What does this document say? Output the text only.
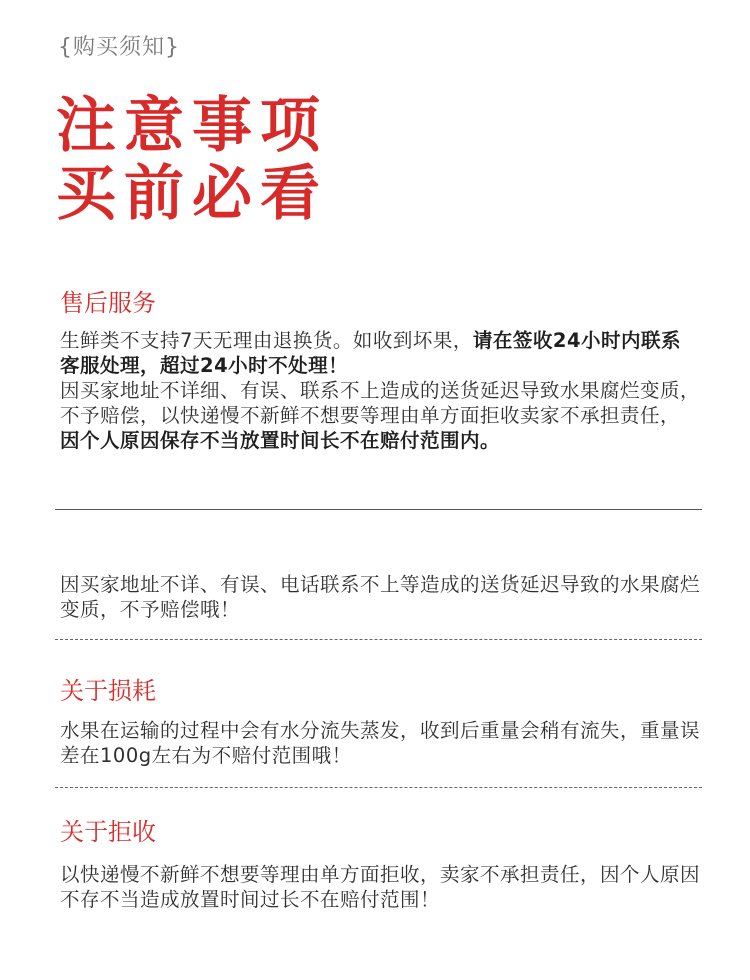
{购买须知}
注意事项
买前必看
售后服务

生鲜类不支持7天无理由退换货。如收到坏果，请在签收24小时内联系客服处理，超过24小时不处理！

因买家地址不详细、有误、联系不上造成的送货延迟导致水果腐烂变质，不予赔偿，以快递慢不新鲜不想要等理由单方面拒收卖家不承担责任，因个人原因保存不当放置时间长不在赔付范围内。

因买家地址不详、有误、电话联系不上等造成的送货延迟导致的水果腐烂变质，不予赔偿哦！

关于损耗

水果在运输的过程中会有水分流失蒸发，收到后重量会稍有流失，重量误差在100g左右为不赔付范围哦！

关于拒收

以快递慢不新鲜不想要等理由单方面拒收，卖家不承担责任，因个人原因不存不当造成放置时间过长不在赔付范围！
